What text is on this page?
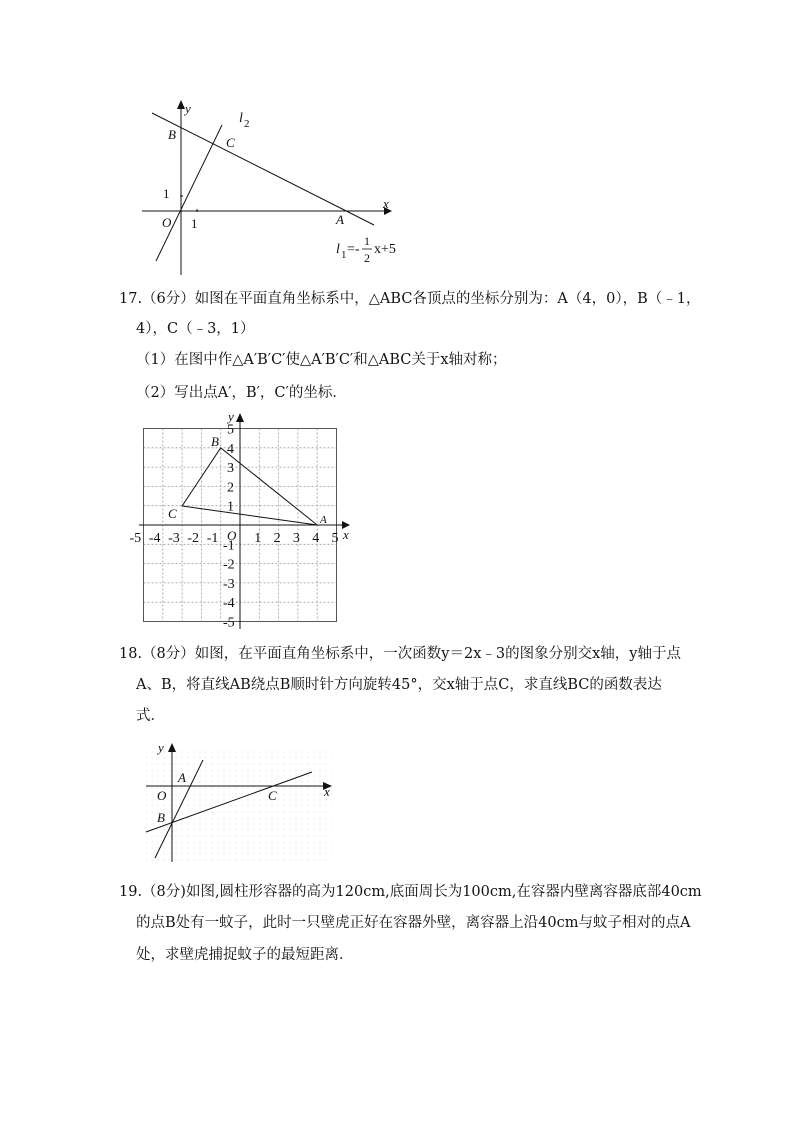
y
x
l 2
B
C
A
O 1
1
l 1 =-
1
2
x+5
17.（6分）如图在平面直角坐标系中，△ABC各顶点的坐标分别为：A（4，0），B（﹣1，
4），C（﹣3，1）
（1）在图中作△A′B′C′使△A′B′C′和△ABC关于x轴对称；
（2）写出点A′，B′，C′的坐标．
5
4
3
2
1
-1
-2
-3
-4
-5
-5 -4 -3 -2 -1	1 2 3 4 5
y
x
B
C	A
O
18.（8分）如图，在平面直角坐标系中，一次函数y＝2x﹣3的图象分别交x轴，y轴于点
A、B，将直线AB绕点B顺时针方向旋转45°，交x轴于点C，求直线BC的函数表达
式．
y
x
A
O
B
C
19.（8分)如图,圆柱形容器的高为120cm,底面周长为100cm,在容器内壁离容器底部40cm
的点B处有一蚊子，此时一只壁虎正好在容器外壁，离容器上沿40cm与蚊子相对的点A
处，求壁虎捕捉蚊子的最短距离．
